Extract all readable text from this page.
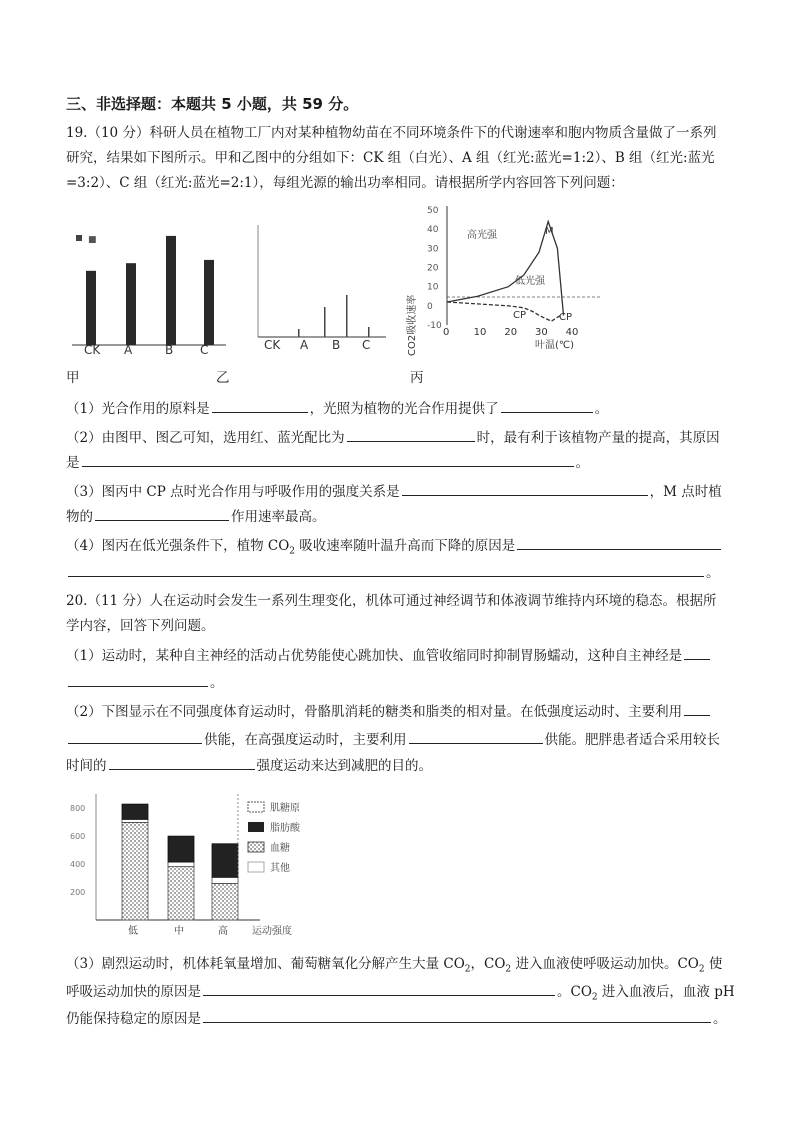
三、非选择题：本题共 5 小题，共 59 分。
19.（10 分）科研人员在植物工厂内对某种植物幼苗在不同环境条件下的代谢速率和胞内物质含量做了一系列
研究，结果如下图所示。甲和乙图中的分组如下：CK 组（白光）、A 组（红光:蓝光=1:2）、B 组（红光:蓝光
=3:2）、C 组（红光:蓝光=2:1），每组光源的输出功率相同。请根据所学内容回答下列问题：
■
CK A	B C	CK A B C	CO2吸收速率
50
40
30
20
10
0
-10
0 10 20 30 40
高光强
低光强
M
CP	CP
叶温(℃)
甲	乙	丙
（1）光合作用的原料是	，光照为植物的光合作用提供了	。
（2）由图甲、图乙可知，选用红、蓝光配比为	时，最有利于该植物产量的提高，其原因
是	。
（3）图丙中 CP 点时光合作用与呼吸作用的强度关系是	，M 点时植
物的	作用速率最高。
（4）图丙在低光强条件下，植物 $CO_2$ 吸收速率随叶温升高而下降的原因是
。
20.（11 分）人在运动时会发生一系列生理变化，机体可通过神经调节和体液调节维持内环境的稳态。根据所
学内容，回答下列问题。
（1）运动时，某种自主神经的活动占优势能使心跳加快、血管收缩同时抑制胃肠蠕动，这种自主神经是
。
（2）下图显示在不同强度体育运动时，骨骼肌消耗的糖类和脂类的相对量。在低强度运动时、主要利用
供能，在高强度运动时，主要利用	供能。肥胖患者适合采用较长
时间的	强度运动来达到减肥的目的。
200
400
600
800
低	中	高 运动强度
肌糖原
脂肪酸
血糖
其他
（3）剧烈运动时，机体耗氧量增加、葡萄糖氧化分解产生大量 $CO_2$，$CO_2$ 进入血液使呼吸运动加快。$CO_2$ 使
呼吸运动加快的原因是	。$CO_2$ 进入血液后，血液 pH
仍能保持稳定的原因是	。
